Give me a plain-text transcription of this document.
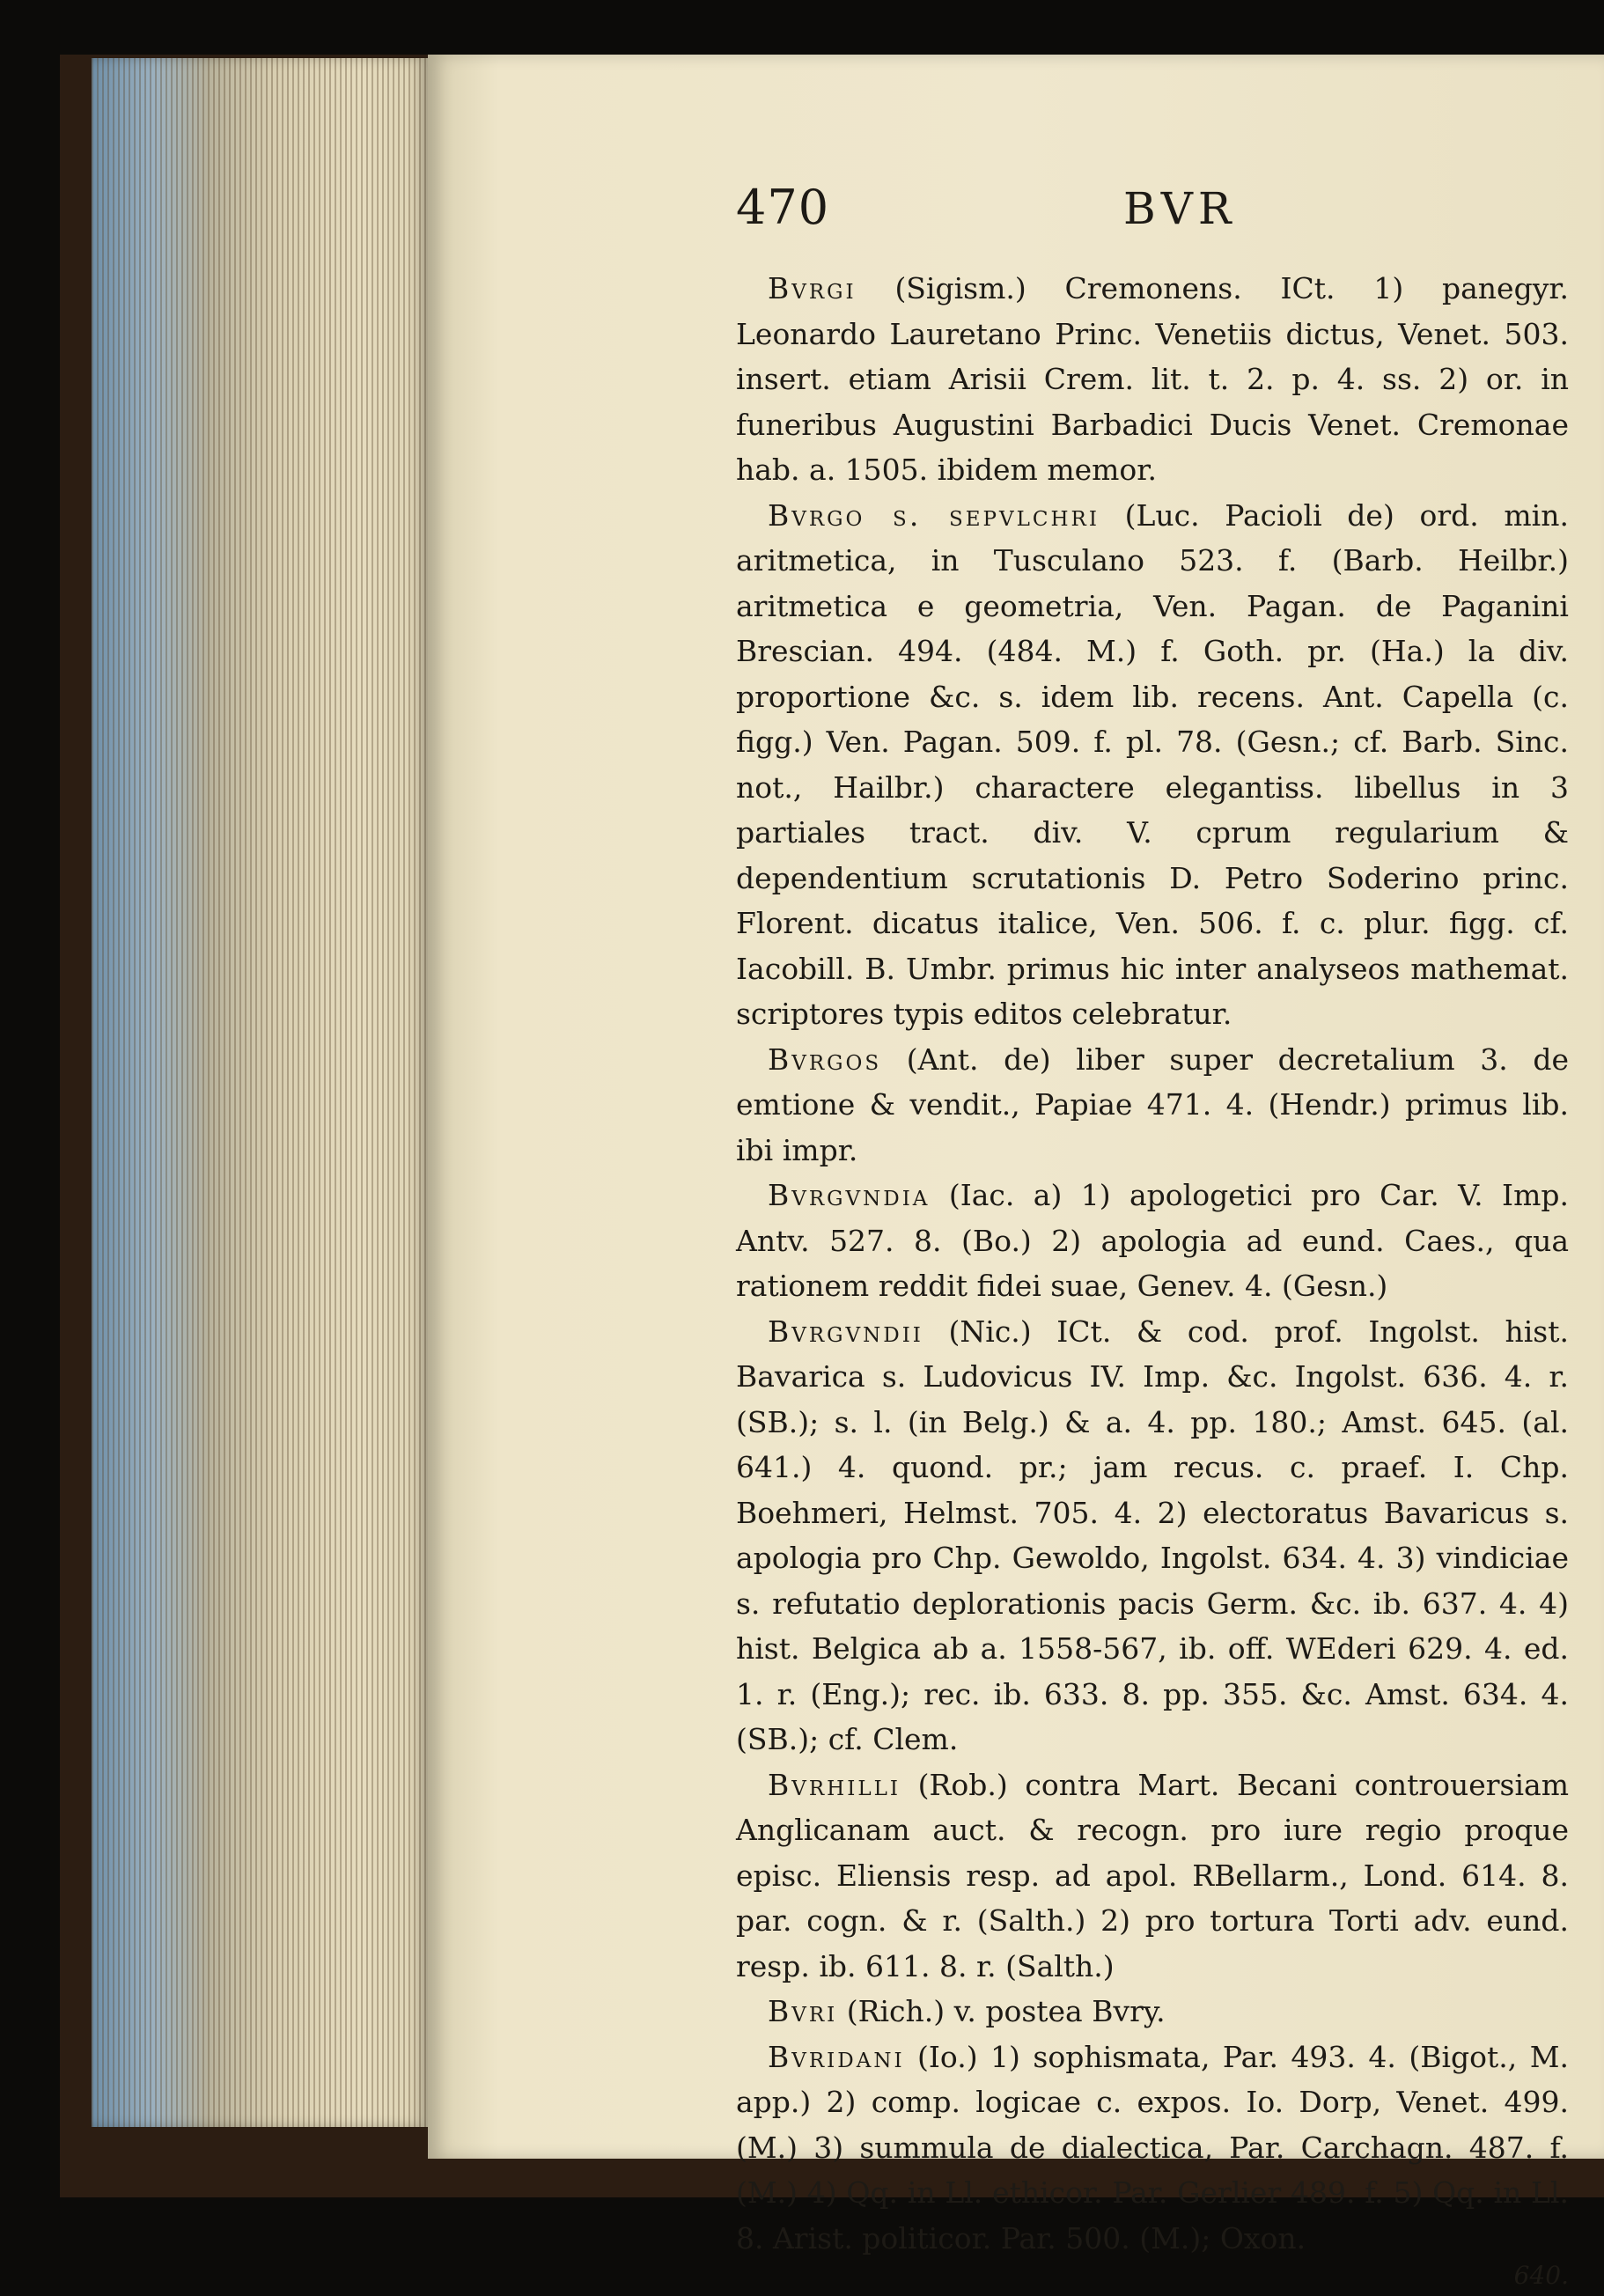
470	BVR

Bvrgi (Sigism.) Cremonens. ICt. 1) panegyr. Leonardo Lauretano Princ. Venetiis dictus, Venet. 503. insert. etiam Arisii Crem. lit. t. 2. p. 4. ss. 2) or. in funeribus Augustini Barbadici Ducis Venet. Cremonae hab. a. 1505. ibidem memor.

Bvrgo s. sepvlchri (Luc. Pacioli de) ord. min. aritmetica, in Tusculano 523. f. (Barb. Heilbr.) aritmetica e geometria, Ven. Pagan. de Paganini Brescian. 494. (484. M.) f. Goth. pr. (Ha.) la div. proportione &c. s. idem lib. recens. Ant. Capella (c. figg.) Ven. Pagan. 509. f. pl. 78. (Gesn.; cf. Barb. Sinc. not., Hailbr.) charactere elegantiss. libellus in 3 partiales tract. div. V. cprum regularium & dependentium scrutationis D. Petro Soderino princ. Florent. dicatus italice, Ven. 506. f. c. plur. figg. cf. Iacobill. B. Umbr. primus hic inter analyseos mathemat. scriptores typis editos celebratur.

Bvrgos (Ant. de) liber super decretalium 3. de emtione & vendit., Papiae 471. 4. (Hendr.) primus lib. ibi impr.

Bvrgvndia (Iac. a) 1) apologetici pro Car. V. Imp. Antv. 527. 8. (Bo.) 2) apologia ad eund. Caes., qua rationem reddit fidei suae, Genev. 4. (Gesn.)

Bvrgvndii (Nic.) ICt. & cod. prof. Ingolst. hist. Bavarica s. Ludovicus IV. Imp. &c. Ingolst. 636. 4. r. (SB.); s. l. (in Belg.) & a. 4. pp. 180.; Amst. 645. (al. 641.) 4. quond. pr.; jam recus. c. praef. I. Chp. Boehmeri, Helmst. 705. 4. 2) electoratus Bavaricus s. apologia pro Chp. Gewoldo, Ingolst. 634. 4. 3) vindiciae s. refutatio deplorationis pacis Germ. &c. ib. 637. 4. 4) hist. Belgica ab a. 1558-567, ib. off. WEderi 629. 4. ed. 1. r. (Eng.); rec. ib. 633. 8. pp. 355. &c. Amst. 634. 4. (SB.); cf. Clem.

Bvrhilli (Rob.) contra Mart. Becani controuersiam Anglicanam auct. & recogn. pro iure regio proque episc. Eliensis resp. ad apol. RBellarm., Lond. 614. 8. par. cogn. & r. (Salth.) 2) pro tortura Torti adv. eund. resp. ib. 611. 8. r. (Salth.)

Bvri (Rich.) v. postea Bvry.

Bvridani (Io.) 1) sophismata, Par. 493. 4. (Bigot., M. app.) 2) comp. logicae c. expos. Io. Dorp, Venet. 499. (M.) 3) summula de dialectica, Par. Carchagn. 487. f. (M.) 4) Qq. in Ll. ethicor. Par. Gerlier 489. f. 5) Qq. in Ll. 8. Arist. politicor. Par. 500. (M.); Oxon.

640.
